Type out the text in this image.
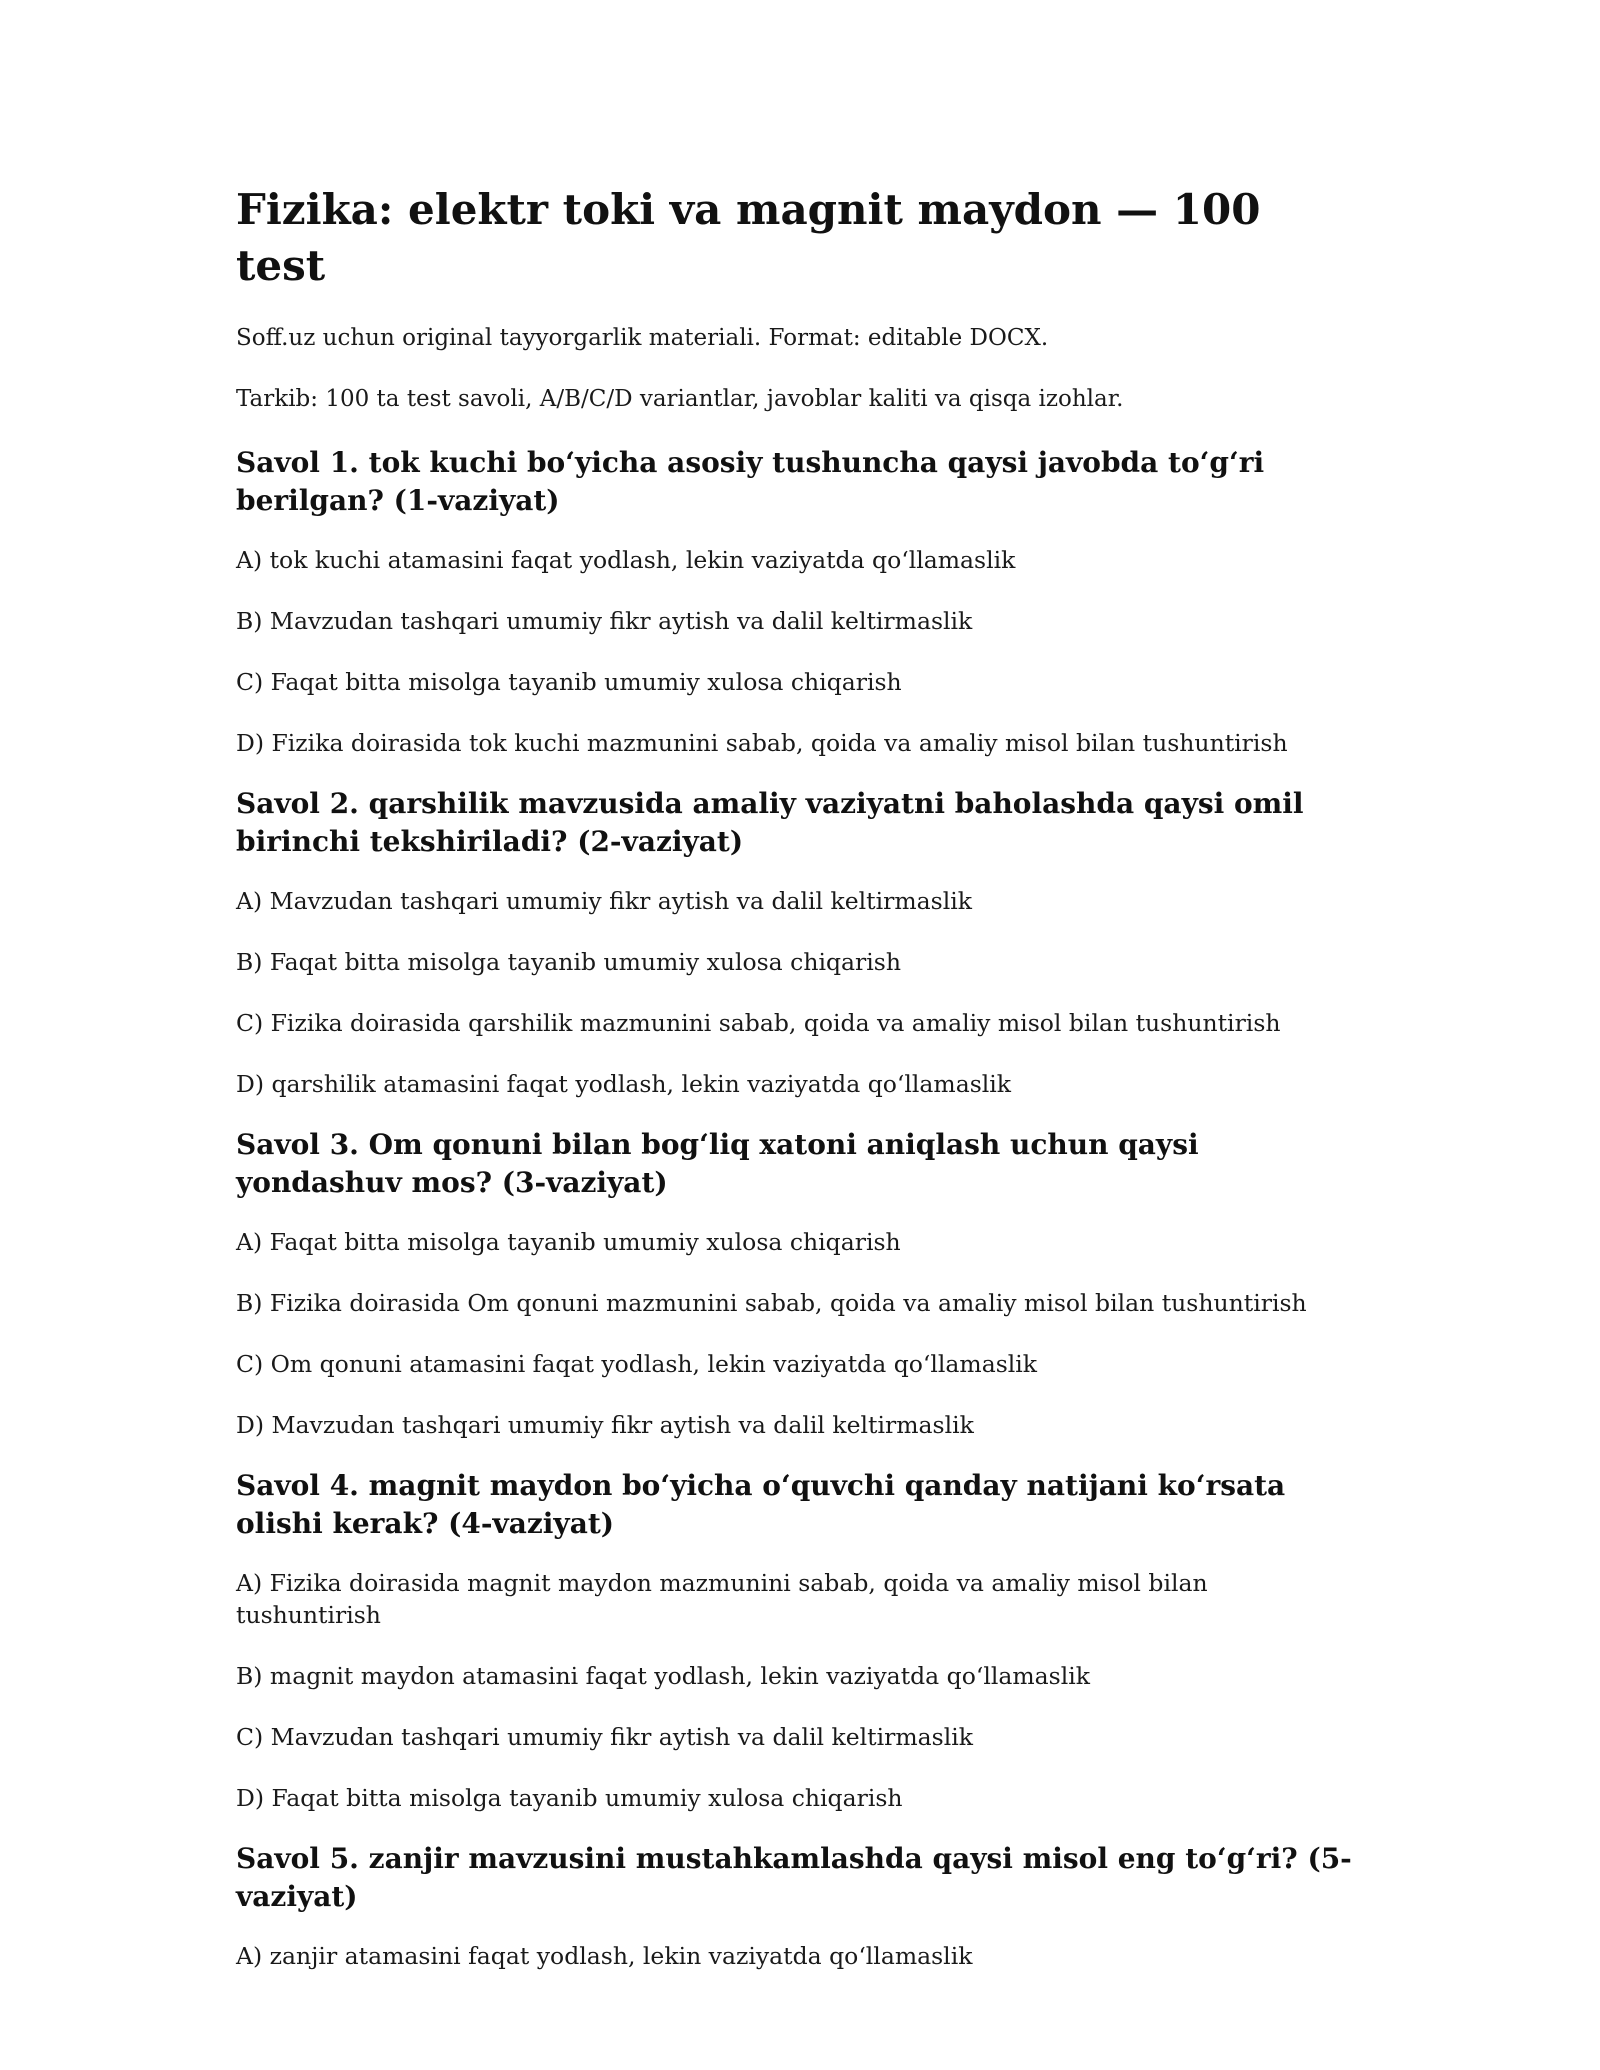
Fizika: elektr toki va magnit maydon — 100 test

Soff.uz uchun original tayyorgarlik materiali. Format: editable DOCX.

Tarkib: 100 ta test savoli, A/B/C/D variantlar, javoblar kaliti va qisqa izohlar.

Savol 1. tok kuchi bo‘yicha asosiy tushuncha qaysi javobda to‘g‘ri berilgan? (1-vaziyat)

A) tok kuchi atamasini faqat yodlash, lekin vaziyatda qo‘llamaslik

B) Mavzudan tashqari umumiy fikr aytish va dalil keltirmaslik

C) Faqat bitta misolga tayanib umumiy xulosa chiqarish

D) Fizika doirasida tok kuchi mazmunini sabab, qoida va amaliy misol bilan tushuntirish

Savol 2. qarshilik mavzusida amaliy vaziyatni baholashda qaysi omil birinchi tekshiriladi? (2-vaziyat)

A) Mavzudan tashqari umumiy fikr aytish va dalil keltirmaslik

B) Faqat bitta misolga tayanib umumiy xulosa chiqarish

C) Fizika doirasida qarshilik mazmunini sabab, qoida va amaliy misol bilan tushuntirish

D) qarshilik atamasini faqat yodlash, lekin vaziyatda qo‘llamaslik

Savol 3. Om qonuni bilan bog‘liq xatoni aniqlash uchun qaysi yondashuv mos? (3-vaziyat)

A) Faqat bitta misolga tayanib umumiy xulosa chiqarish

B) Fizika doirasida Om qonuni mazmunini sabab, qoida va amaliy misol bilan tushuntirish

C) Om qonuni atamasini faqat yodlash, lekin vaziyatda qo‘llamaslik

D) Mavzudan tashqari umumiy fikr aytish va dalil keltirmaslik

Savol 4. magnit maydon bo‘yicha o‘quvchi qanday natijani ko‘rsata olishi kerak? (4-vaziyat)

A) Fizika doirasida magnit maydon mazmunini sabab, qoida va amaliy misol bilan tushuntirish

B) magnit maydon atamasini faqat yodlash, lekin vaziyatda qo‘llamaslik

C) Mavzudan tashqari umumiy fikr aytish va dalil keltirmaslik

D) Faqat bitta misolga tayanib umumiy xulosa chiqarish

Savol 5. zanjir mavzusini mustahkamlashda qaysi misol eng to‘g‘ri? (5-vaziyat)

A) zanjir atamasini faqat yodlash, lekin vaziyatda qo‘llamaslik
